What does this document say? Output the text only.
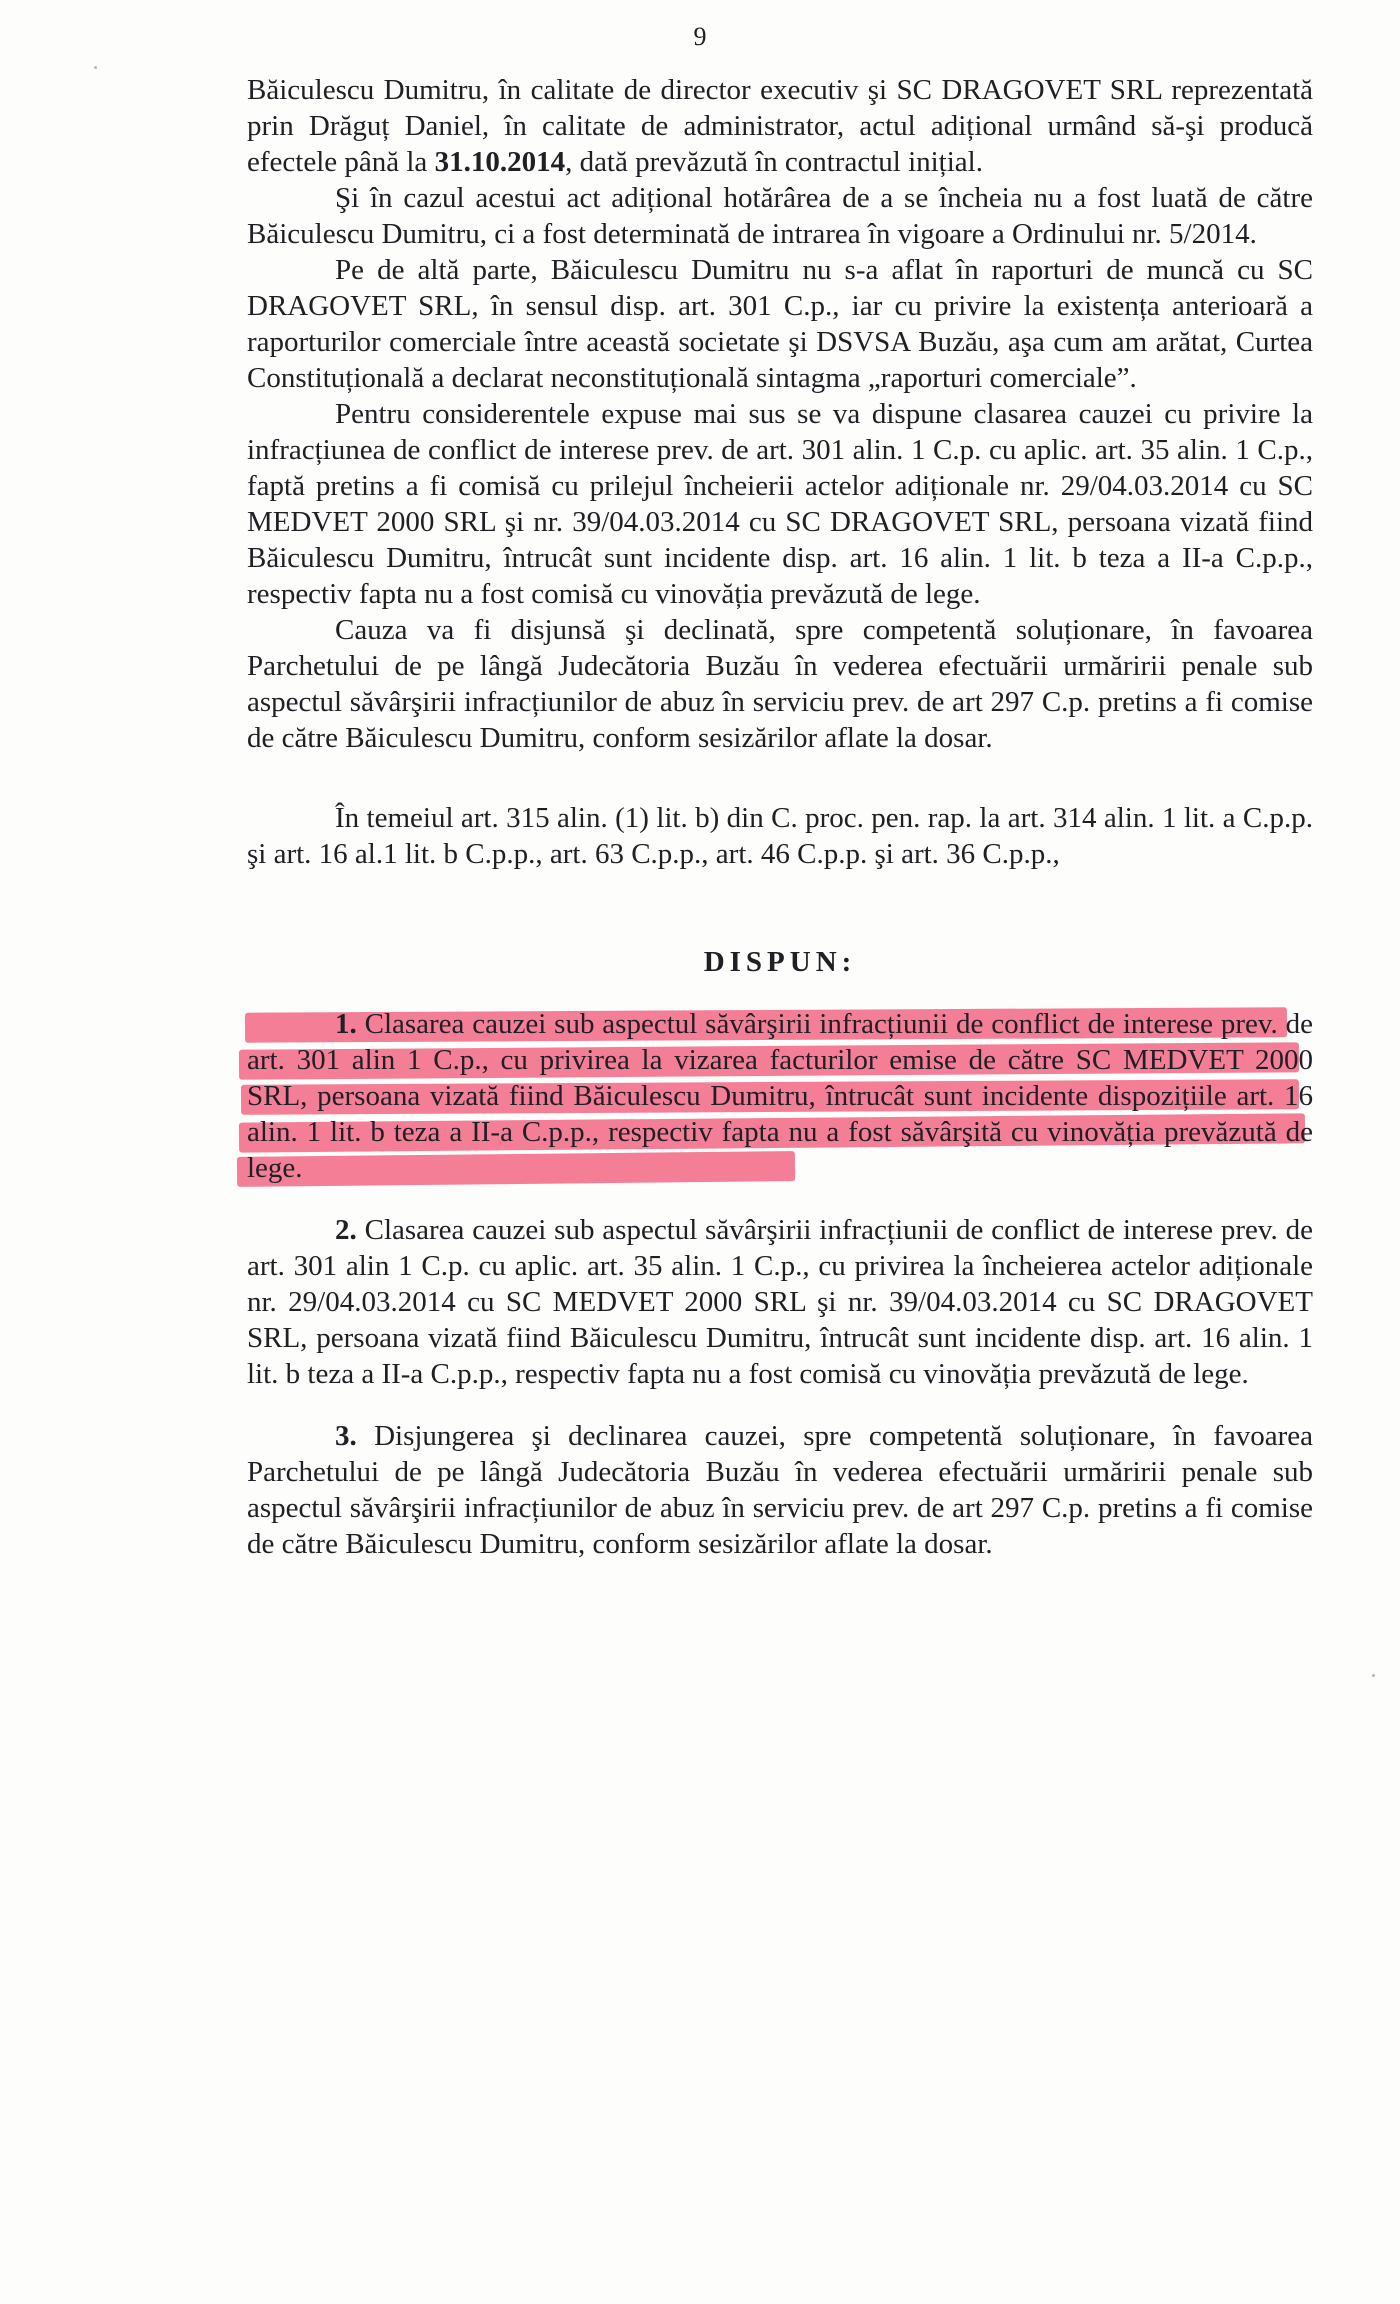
9

Băiculescu Dumitru, în calitate de director executiv şi SC DRAGOVET SRL reprezentată prin Drăguț Daniel, în calitate de administrator, actul adițional urmând să-şi producă efectele până la 31.10.2014, dată prevăzută în contractul inițial.

Şi în cazul acestui act adițional hotărârea de a se încheia nu a fost luată de către Băiculescu Dumitru, ci a fost determinată de intrarea în vigoare a Ordinului nr. 5/2014.

Pe de altă parte, Băiculescu Dumitru nu s-a aflat în raporturi de muncă cu SC DRAGOVET SRL, în sensul disp. art. 301 C.p., iar cu privire la existența anterioară a raporturilor comerciale între această societate şi DSVSA Buzău, aşa cum am arătat, Curtea Constituțională a declarat neconstituțională sintagma „raporturi comerciale”.

Pentru considerentele expuse mai sus se va dispune clasarea cauzei cu privire la infracțiunea de conflict de interese prev. de art. 301 alin. 1 C.p. cu aplic. art. 35 alin. 1 C.p., faptă pretins a fi comisă cu prilejul încheierii actelor adiționale nr. 29/04.03.2014 cu SC MEDVET 2000 SRL şi nr. 39/04.03.2014 cu SC DRAGOVET SRL, persoana vizată fiind Băiculescu Dumitru, întrucât sunt incidente disp. art. 16 alin. 1 lit. b teza a II-a C.p.p., respectiv fapta nu a fost comisă cu vinovăția prevăzută de lege.

Cauza va fi disjunsă şi declinată, spre competentă soluționare, în favoarea Parchetului de pe lângă Judecătoria Buzău în vederea efectuării urmăririi penale sub aspectul săvârşirii infracțiunilor de abuz în serviciu prev. de art 297 C.p. pretins a fi comise de către Băiculescu Dumitru, conform sesizărilor aflate la dosar.

În temeiul art. 315 alin. (1) lit. b) din C. proc. pen. rap. la art. 314 alin. 1 lit. a C.p.p. şi art. 16 al.1 lit. b C.p.p., art. 63 C.p.p., art. 46 C.p.p. şi art. 36 C.p.p.,

DISPUN:

1. Clasarea cauzei sub aspectul săvârşirii infracțiunii de conflict de interese prev. de art. 301 alin 1 C.p., cu privirea la vizarea facturilor emise de către SC MEDVET 2000 SRL, persoana vizată fiind Băiculescu Dumitru, întrucât sunt incidente dispozițiile art. 16 alin. 1 lit. b teza a II-a C.p.p., respectiv fapta nu a fost săvârşită cu vinovăția prevăzută de lege.

2. Clasarea cauzei sub aspectul săvârşirii infracțiunii de conflict de interese prev. de art. 301 alin 1 C.p. cu aplic. art. 35 alin. 1 C.p., cu privirea la încheierea actelor adiționale nr. 29/04.03.2014 cu SC MEDVET 2000 SRL şi nr. 39/04.03.2014 cu SC DRAGOVET SRL, persoana vizată fiind Băiculescu Dumitru, întrucât sunt incidente disp. art. 16 alin. 1 lit. b teza a II-a C.p.p., respectiv fapta nu a fost comisă cu vinovăția prevăzută de lege.

3. Disjungerea şi declinarea cauzei, spre competentă soluționare, în favoarea Parchetului de pe lângă Judecătoria Buzău în vederea efectuării urmăririi penale sub aspectul săvârşirii infracțiunilor de abuz în serviciu prev. de art 297 C.p. pretins a fi comise de către Băiculescu Dumitru, conform sesizărilor aflate la dosar.
